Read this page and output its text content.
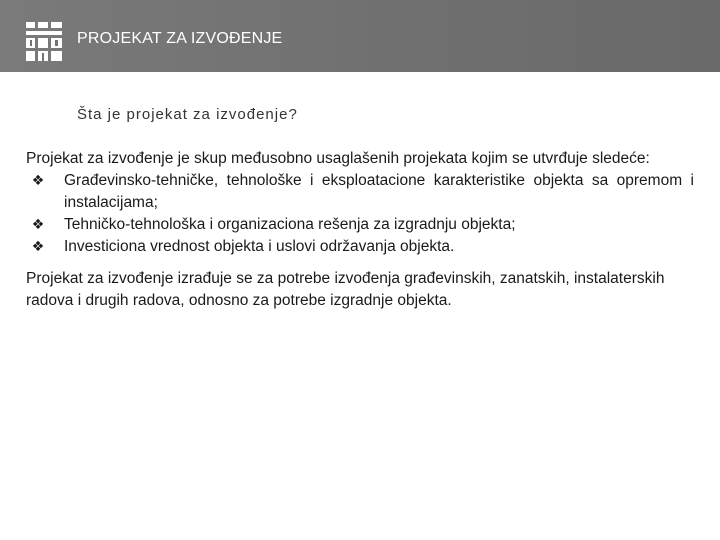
PROJEKAT ZA IZVOĐENJE
Šta je projekat za izvođenje?

Projekat za izvođenje je skup međusobno usaglašenih projekata kojim se utvrđuje sledeće:

❖	Građevinsko-tehničke, tehnološke i eksploatacione karakteristike objekta sa opremom i instalacijama;
❖	Tehničko-tehnološka i organizaciona rešenja za izgradnju objekta;
❖	Investiciona vrednost objekta i uslovi održavanja objekta.

Projekat za izvođenje izrađuje se za potrebe izvođenja građevinskih, zanatskih, instalaterskih radova i drugih radova, odnosno za potrebe izgradnje objekta.
